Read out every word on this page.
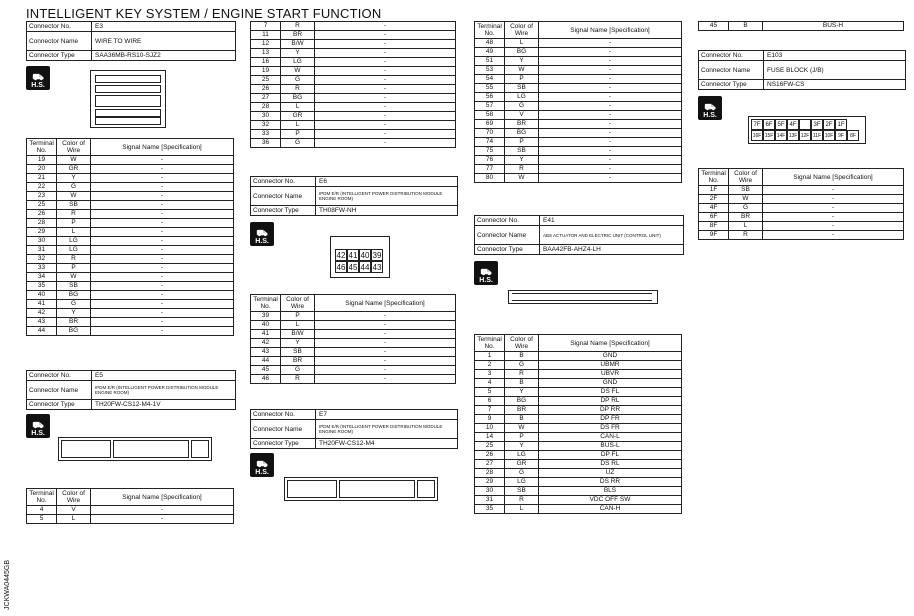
INTELLIGENT KEY SYSTEM / ENGINE START FUNCTION
Connector No.	E3
Connector Name	WIRE TO WIRE
Connector Type	SAA36MB-RS10-SJZ2
⛟
H.S.
Terminal No.	Color of Wire	Signal Name [Specification]
19	W	-
20	GR	-
21	Y	-
22	G	-
23	W	-
25	SB	-
26	R	-
28	P	-
29	L	-
30	LG	-
31	LG	-
32	R	-
33	P	-
34	W	-
35	SB	-
40	BG	-
41	G	-
42	Y	-
43	BR	-
44	BG	-
Connector No.	E5
Connector Name	IPDM E/R (INTELLIGENT POWER DISTRIBUTION MODULE ENGINE ROOM)
Connector Type	TH20FW-CS12-M4-1V
⛟
H.S.
Terminal No.	Color of Wire	Signal Name [Specification]
4	V	-
5	L	-
7	R	-
11	BR	-
12	B/W	-
13	Y	-
16	LG	-
19	W	-
25	G	-
26	R	-
27	BG	-
28	L	-
30	GR	-
32	L	-
33	P	-
36	G	-
Connector No.	E6
Connector Name	IPDM E/R (INTELLIGENT POWER DISTRIBUTION MODULE ENGINE ROOM)
Connector Type	TH08FW-NH
⛟
H.S.
42 41 40 39
46 45 44 43
Terminal No.	Color of Wire	Signal Name [Specification]
39	P	-
40	L	-
41	B/W	-
42	Y	-
43	SB	-
44	BR	-
45	G	-
46	R	-
Connector No.	E7
Connector Name	IPDM E/R (INTELLIGENT POWER DISTRIBUTION MODULE ENGINE ROOM)
Connector Type	TH20FW-CS12-M4
⛟
H.S.
Terminal No.	Color of Wire	Signal Name [Specification]
48	L	-
49	BG	-
51	Y	-
53	W	-
54	P	-
55	SB	-
56	LG	-
57	G	-
58	V	-
69	BR	-
70	BG	-
74	P	-
75	SB	-
76	Y	-
77	R	-
80	W	-
Connector No.	E41
Connector Name	ABS ACTUATOR AND ELECTRIC UNIT (CONTROL UNIT)
Connector Type	BAA42FB-AHZ4-LH
⛟
H.S.
Terminal No.	Color of Wire	Signal Name [Specification]
1	B	GND
2	G	UBMR
3	R	UBVR
4	B	GND
5	Y	DS FL
6	BG	DP RL
7	BR	DP RR
9	B	DP FR
10	W	DS FR
14	P	CAN-L
25	Y	BUS-L
26	LG	DP FL
27	GR	DS RL
28	G	UZ
29	LG	DS RR
30	SB	BLS
31	R	VDC OFF SW
35	L	CAN-H
45	B	BUS-H
Connector No.	E103
Connector Name	FUSE BLOCK (J/B)
Connector Type	NS16FW-CS
⛟
H.S.
7F 6F 5F 4F	3F 2F 1F
16F 15F 14F 13F 12F 11F 10F 9F	8F
Terminal No.	Color of Wire	Signal Name [Specification]
1F	SB	-
2F	W	-
4F	G	-
6F	BR	-
8F	L	-
9F	R	-
JCKWA0445GB
